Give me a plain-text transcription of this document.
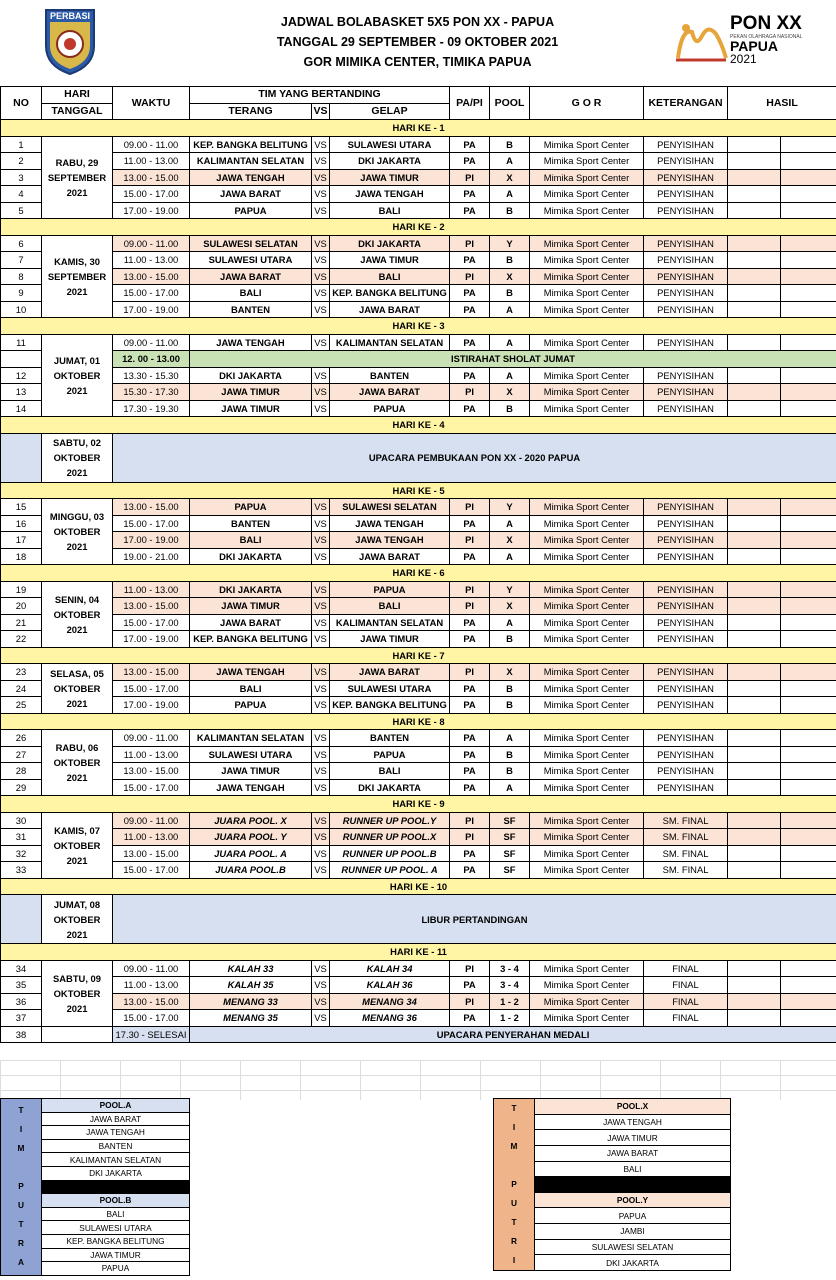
PERBASI	JADWAL BOLABASKET 5X5 PON XX - PAPUA
TANGGAL 29 SEPTEMBER - 09 OKTOBER 2021
GOR MIMIKA CENTER, TIMIKA PAPUA
PON XX
PEKAN OLAHRAGA NASIONAL
PAPUA
2021
NO	HARI	WAKTU	TIM YANG BERTANDING			PA/PI	POOL	G O R	KETERANGAN	HASIL	
	TANGGAL		TERANG	VS	GELAP						
HARI KE - 1											
1	RABU, 29 SEPTEMBER 2021	09.00 - 11.00	KEP. BANGKA BELITUNG	VS	SULAWESI UTARA	PA	B	Mimika Sport Center	PENYISIHAN		
2		11.00 - 13.00	KALIMANTAN SELATAN	VS	DKI JAKARTA	PA	A	Mimika Sport Center	PENYISIHAN		
3		13.00 - 15.00	JAWA TENGAH	VS	JAWA TIMUR	PI	X	Mimika Sport Center	PENYISIHAN		
4		15.00 - 17.00	JAWA BARAT	VS	JAWA TENGAH	PA	A	Mimika Sport Center	PENYISIHAN		
5		17.00 - 19.00	PAPUA	VS	BALI	PA	B	Mimika Sport Center	PENYISIHAN		
HARI KE - 2											
6	KAMIS, 30 SEPTEMBER 2021	09.00 - 11.00	SULAWESI SELATAN	VS	DKI JAKARTA	PI	Y	Mimika Sport Center	PENYISIHAN		
7		11.00 - 13.00	SULAWESI UTARA	VS	JAWA TIMUR	PA	B	Mimika Sport Center	PENYISIHAN		
8		13.00 - 15.00	JAWA BARAT	VS	BALI	PI	X	Mimika Sport Center	PENYISIHAN		
9		15.00 - 17.00	BALI	VS	KEP. BANGKA BELITUNG	PA	B	Mimika Sport Center	PENYISIHAN		
10		17.00 - 19.00	BANTEN	VS	JAWA BARAT	PA	A	Mimika Sport Center	PENYISIHAN		
HARI KE - 3											
11	JUMAT, 01 OKTOBER 2021	09.00 - 11.00	JAWA TENGAH	VS	KALIMANTAN SELATAN	PA	A	Mimika Sport Center	PENYISIHAN		
		12. 00 - 13.00	ISTIRAHAT SHOLAT JUMAT								
12		13.30 - 15.30	DKI JAKARTA	VS	BANTEN	PA	A	Mimika Sport Center	PENYISIHAN		
13		15.30 - 17.30	JAWA TIMUR	VS	JAWA BARAT	PI	X	Mimika Sport Center	PENYISIHAN		
14		17.30 - 19.30	JAWA TIMUR	VS	PAPUA	PA	B	Mimika Sport Center	PENYISIHAN		
HARI KE - 4											
	SABTU, 02 OKTOBER 2021	UPACARA PEMBUKAAN PON XX - 2020 PAPUA									
HARI KE - 5											
15	MINGGU, 03 OKTOBER 2021	13.00 - 15.00	PAPUA	VS	SULAWESI SELATAN	PI	Y	Mimika Sport Center	PENYISIHAN		
16		15.00 - 17.00	BANTEN	VS	JAWA TENGAH	PA	A	Mimika Sport Center	PENYISIHAN		
17		17.00 - 19.00	BALI	VS	JAWA TENGAH	PI	X	Mimika Sport Center	PENYISIHAN		
18		19.00 - 21.00	DKI JAKARTA	VS	JAWA BARAT	PA	A	Mimika Sport Center	PENYISIHAN		
HARI KE - 6											
19	SENIN, 04 OKTOBER 2021	11.00 - 13.00	DKI JAKARTA	VS	PAPUA	PI	Y	Mimika Sport Center	PENYISIHAN		
20		13.00 - 15.00	JAWA TIMUR	VS	BALI	PI	X	Mimika Sport Center	PENYISIHAN		
21		15.00 - 17.00	JAWA BARAT	VS	KALIMANTAN SELATAN	PA	A	Mimika Sport Center	PENYISIHAN		
22		17.00 - 19.00	KEP. BANGKA BELITUNG	VS	JAWA TIMUR	PA	B	Mimika Sport Center	PENYISIHAN		
HARI KE - 7											
23	SELASA, 05 OKTOBER 2021	13.00 - 15.00	JAWA TENGAH	VS	JAWA BARAT	PI	X	Mimika Sport Center	PENYISIHAN		
24		15.00 - 17.00	BALI	VS	SULAWESI UTARA	PA	B	Mimika Sport Center	PENYISIHAN		
25		17.00 - 19.00	PAPUA	VS	KEP. BANGKA BELITUNG	PA	B	Mimika Sport Center	PENYISIHAN		
HARI KE - 8											
26	RABU, 06 OKTOBER 2021	09.00 - 11.00	KALIMANTAN SELATAN	VS	BANTEN	PA	A	Mimika Sport Center	PENYISIHAN		
27		11.00 - 13.00	SULAWESI UTARA	VS	PAPUA	PA	B	Mimika Sport Center	PENYISIHAN		
28		13.00 - 15.00	JAWA TIMUR	VS	BALI	PA	B	Mimika Sport Center	PENYISIHAN		
29		15.00 - 17.00	JAWA TENGAH	VS	DKI JAKARTA	PA	A	Mimika Sport Center	PENYISIHAN		
HARI KE - 9											
30	KAMIS, 07 OKTOBER 2021	09.00 - 11.00	JUARA POOL. X	VS	RUNNER UP POOL.Y	PI	SF	Mimika Sport Center	SM. FINAL		
31		11.00 - 13.00	JUARA POOL. Y	VS	RUNNER UP POOL.X	PI	SF	Mimika Sport Center	SM. FINAL		
32		13.00 - 15.00	JUARA POOL. A	VS	RUNNER UP POOL.B	PA	SF	Mimika Sport Center	SM. FINAL		
33		15.00 - 17.00	JUARA POOL.B	VS	RUNNER UP POOL. A	PA	SF	Mimika Sport Center	SM. FINAL		
HARI KE - 10											
	JUMAT, 08 OKTOBER 2021	LIBUR PERTANDINGAN									
HARI KE - 11											
34	SABTU, 09 OKTOBER 2021	09.00 - 11.00	KALAH 33	VS	KALAH 34	PI	3 - 4	Mimika Sport Center	FINAL		
35		11.00 - 13.00	KALAH 35	VS	KALAH 36	PA	3 - 4	Mimika Sport Center	FINAL		
36		13.00 - 15.00	MENANG 33	VS	MENANG 34	PI	1 - 2	Mimika Sport Center	FINAL		
37		15.00 - 17.00	MENANG 35	VS	MENANG 36	PA	1 - 2	Mimika Sport Center	FINAL		
38		17.30 - SELESAI	UPACARA PENYERAHAN MEDALI								
T
I
M

P
U
T
R
A	POOL.A
JAWA BARAT
JAWA TENGAH
BANTEN
KALIMANTAN SELATAN
DKI JAKARTA

POOL.B
BALI
SULAWESI UTARA
KEP. BANGKA BELITUNG
JAWA TIMUR
PAPUA
T
I
M

P
U
T
R
I	POOL.X
JAWA TENGAH
JAWA TIMUR
JAWA BARAT
BALI

POOL.Y
PAPUA
JAMBI
SULAWESI SELATAN
DKI JAKARTA
